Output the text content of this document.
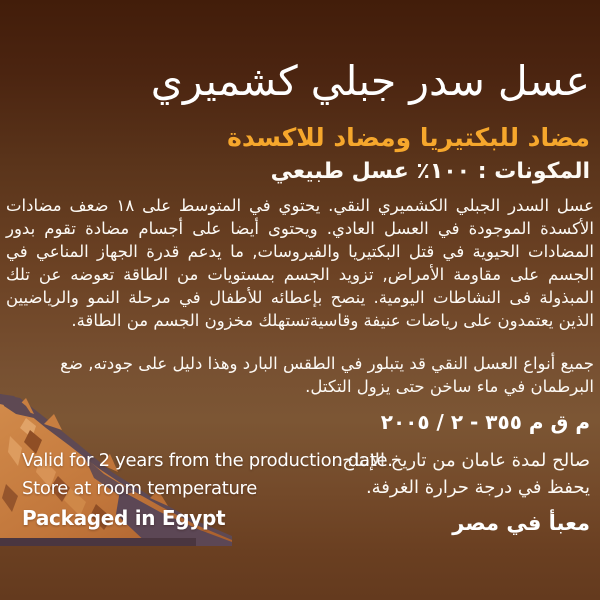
عسل سدر جبلي كشميري
مضاد للبكتيريا ومضاد للاكسدة
المكونات : ١٠٠٪ عسل طبيعي
عسل السدر الجبلي الكشميري النقي. يحتوي في المتوسط على ١٨ ضعف مضادات الأكسدة الموجودة في العسل العادي. ويحتوى أيضا على أجسام مضادة تقوم بدور المضادات الحيوية في قتل البكتيريا والفيروسات, ما يدعم قدرة الجهاز المناعي في الجسم على مقاومة الأمراض, تزويد الجسم بمستويات من الطاقة تعوضه عن تلك المبذولة فى النشاطات اليومية. ينصح بإعطائه للأطفال في مرحلة النمو والرياضيين الذين يعتمدون على رياضات عنيفة وقاسيةتستهلك مخزون الجسم من الطاقة.
جميع أنواع العسل النقي قد يتبلور في الطقس البارد وهذا دليل على جودته, ضع البرطمان في ماء ساخن حتى يزول التكتل.
م ق م ٣٥٥ - ٢ / ٢٠٠٥
صالح لمدة عامان من تاريخ الإنتاج.
يحفظ في درجة حرارة الغرفة.
معبأ في مصر
Valid for 2 years from the production date.
Store at room temperature
Packaged in Egypt
